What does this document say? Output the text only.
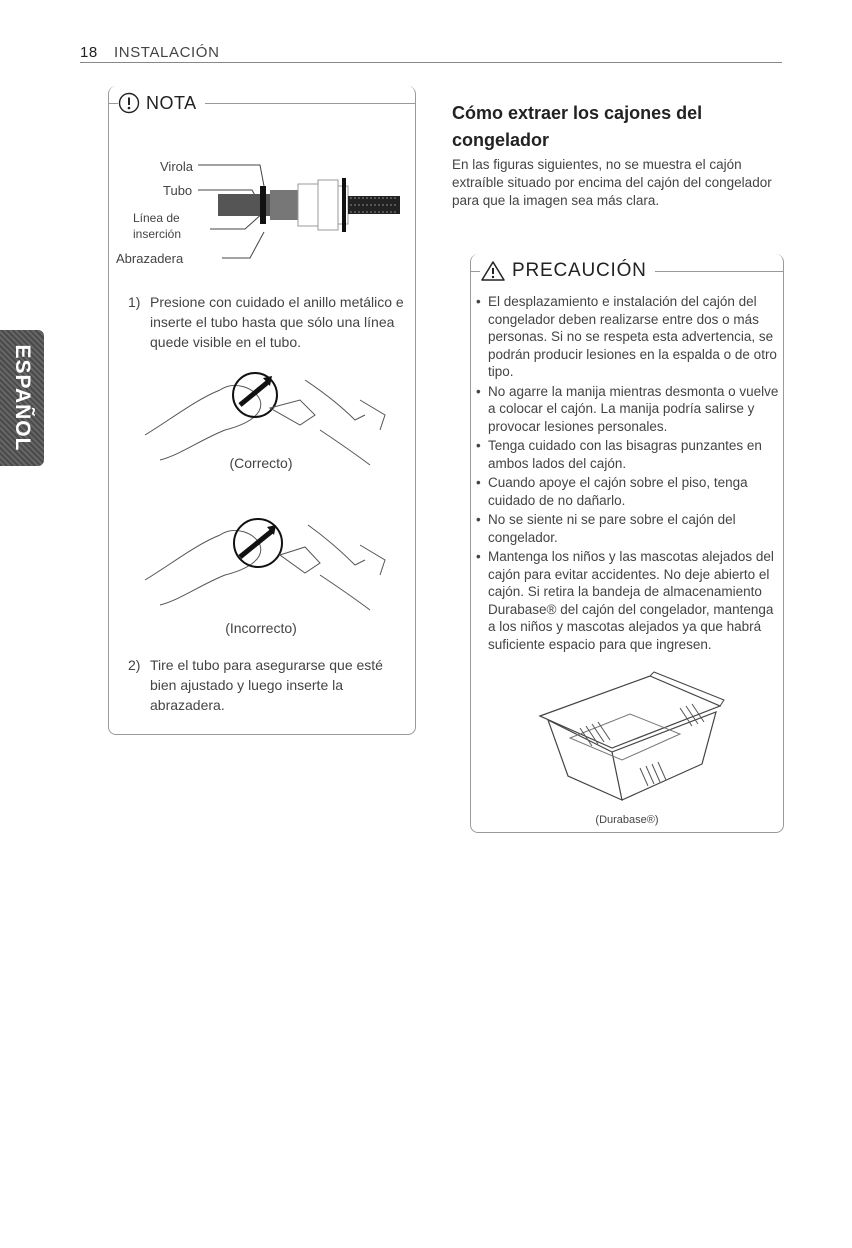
18 INSTALACIÓN
ESPAÑOL
NOTA
Virola
Tubo
Línea de
inserción
Abrazadera
1) Presione con cuidado el anillo metálico e inserte el tubo hasta que sólo una línea quede visible en el tubo.
(Correcto)
(Incorrecto)
2) Tire el tubo para asegurarse que esté bien ajustado y luego inserte la abrazadera.
Cómo extraer los cajones del congelador
En las figuras siguientes, no se muestra el cajón extraíble situado por encima del cajón del congelador para que la imagen sea más clara.
PRECAUCIÓN
• El desplazamiento e instalación del cajón del congelador deben realizarse entre dos o más personas. Si no se respeta esta advertencia, se podrán producir lesiones en la espalda o de otro tipo.
• No agarre la manija mientras desmonta o vuelve a colocar el cajón. La manija podría salirse y provocar lesiones personales.
• Tenga cuidado con las bisagras punzantes en ambos lados del cajón.
• Cuando apoye el cajón sobre el piso, tenga cuidado de no dañarlo.
• No se siente ni se pare sobre el cajón del congelador.
• Mantenga los niños y las mascotas alejados del cajón para evitar accidentes. No deje abierto el cajón. Si retira la bandeja de almacenamiento Durabase® del cajón del congelador, mantenga a los niños y mascotas alejados ya que habrá suficiente espacio para que ingresen.
(Durabase®)
